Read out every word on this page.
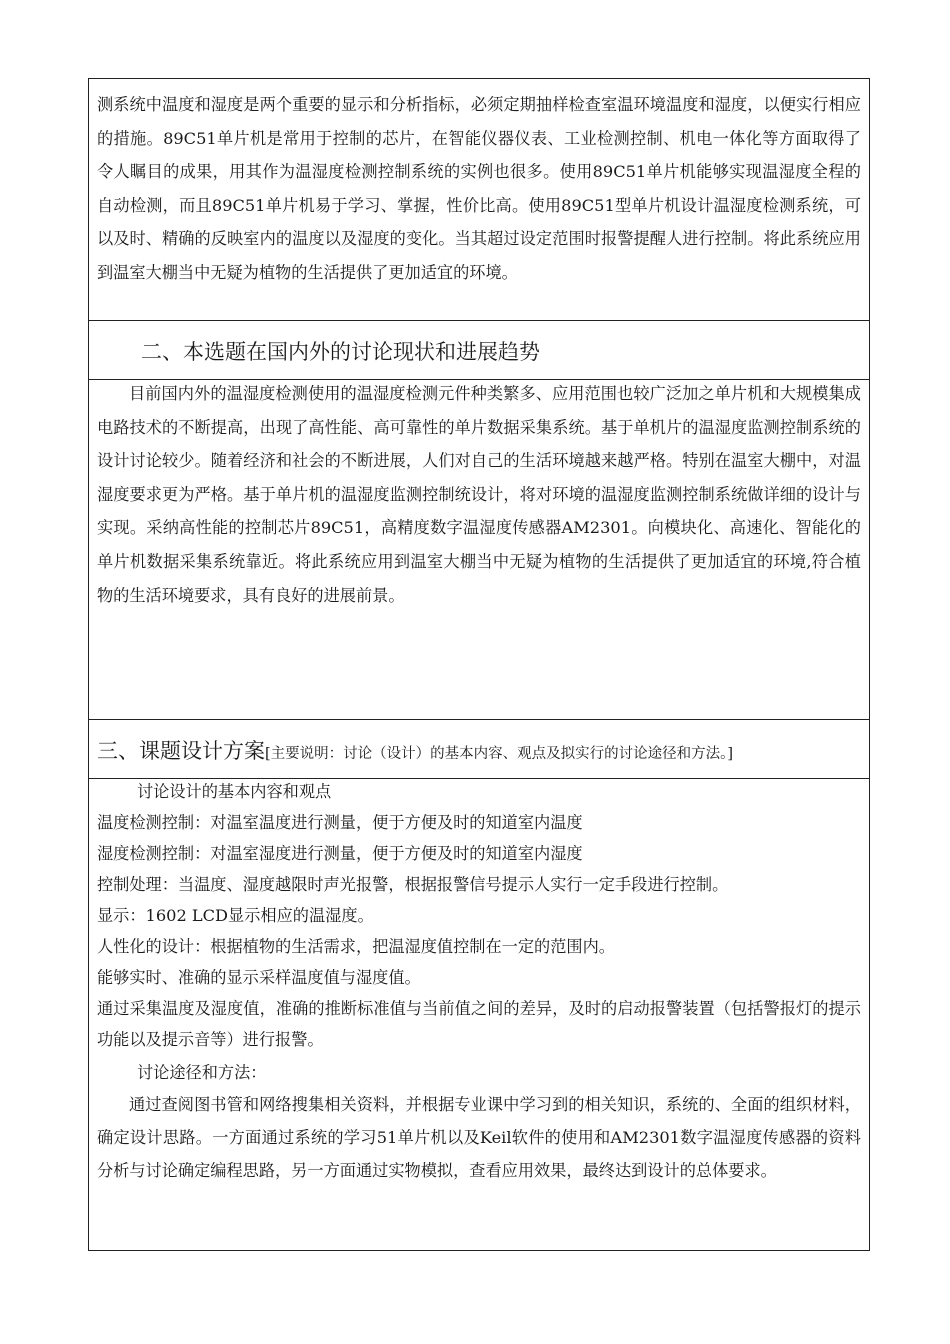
测系统中温度和湿度是两个重要的显示和分析指标，必须定期抽样检查室温环境温度和湿度，以便实行相应的措施。89C51单片机是常用于控制的芯片，在智能仪器仪表、工业检测控制、机电一体化等方面取得了令人瞩目的成果，用其作为温湿度检测控制系统的实例也很多。使用89C51单片机能够实现温湿度全程的自动检测，而且89C51单片机易于学习、掌握，性价比高。使用89C51型单片机设计温湿度检测系统，可以及时、精确的反映室内的温度以及湿度的变化。当其超过设定范围时报警提醒人进行控制。将此系统应用到温室大棚当中无疑为植物的生活提供了更加适宜的环境。

二、本选题在国内外的讨论现状和进展趋势

目前国内外的温湿度检测使用的温湿度检测元件种类繁多、应用范围也较广泛加之单片机和大规模集成电路技术的不断提高，出现了高性能、高可靠性的单片数据采集系统。基于单机片的温湿度监测控制系统的设计讨论较少。随着经济和社会的不断进展，人们对自己的生活环境越来越严格。特别在温室大棚中，对温湿度要求更为严格。基于单片机的温湿度监测控制统设计，将对环境的温湿度监测控制系统做详细的设计与实现。采纳高性能的控制芯片89C51，高精度数字温湿度传感器AM2301。向模块化、高速化、智能化的单片机数据采集系统靠近。将此系统应用到温室大棚当中无疑为植物的生活提供了更加适宜的环境,符合植物的生活环境要求，具有良好的进展前景。

三、课题设计方案[主要说明：讨论（设计）的基本内容、观点及拟实行的讨论途径和方法。]

讨论设计的基本内容和观点

温度检测控制：对温室温度进行测量，便于方便及时的知道室内温度

湿度检测控制：对温室湿度进行测量，便于方便及时的知道室内湿度

控制处理：当温度、湿度越限时声光报警，根据报警信号提示人实行一定手段进行控制。

显示：1602 LCD显示相应的温湿度。

人性化的设计：根据植物的生活需求，把温湿度值控制在一定的范围内。

能够实时、准确的显示采样温度值与湿度值。

通过采集温度及湿度值，准确的推断标准值与当前值之间的差异，及时的启动报警装置（包括警报灯的提示功能以及提示音等）进行报警。

讨论途径和方法：

通过查阅图书管和网络搜集相关资料，并根据专业课中学习到的相关知识，系统的、全面的组织材料，确定设计思路。一方面通过系统的学习51单片机以及Keil软件的使用和AM2301数字温湿度传感器的资料分析与讨论确定编程思路，另一方面通过实物模拟，查看应用效果，最终达到设计的总体要求。
